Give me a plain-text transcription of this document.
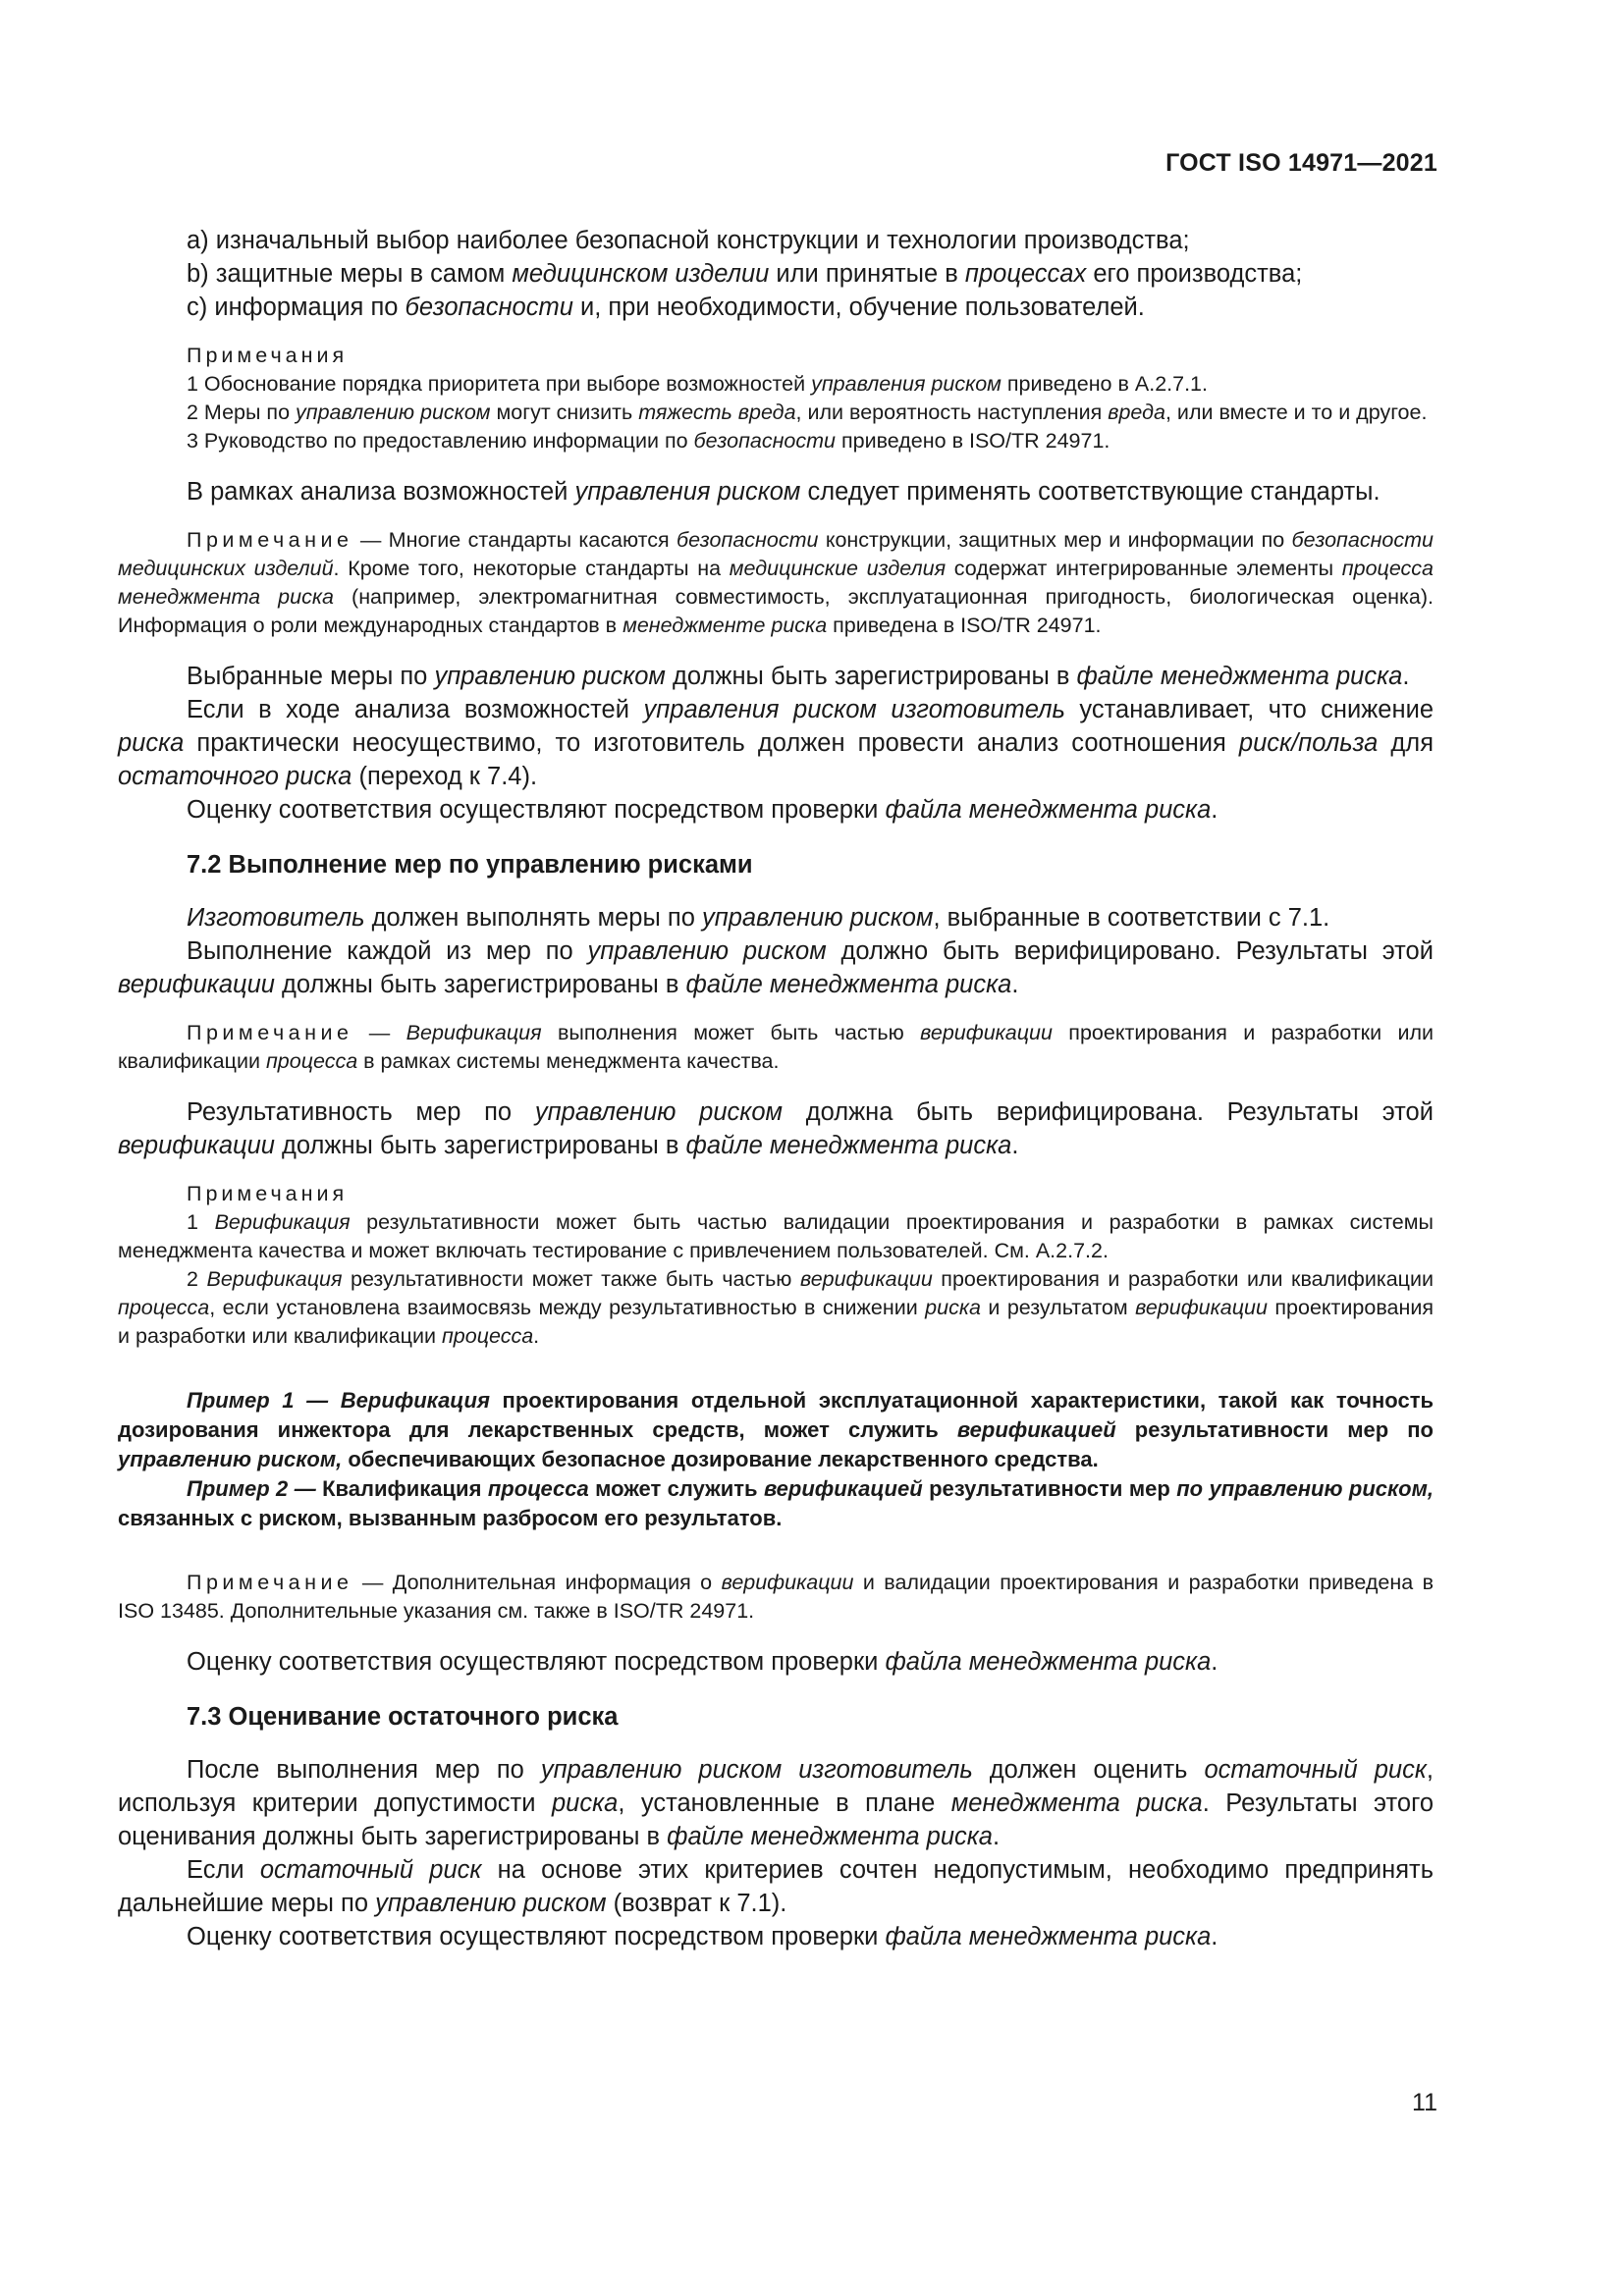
ГОСТ ISO 14971—2021

a) изначальный выбор наиболее безопасной конструкции и технологии производства;

b) защитные меры в самом медицинском изделии или принятые в процессах его производства;

c) информация по безопасности и, при необходимости, обучение пользователей.

Примечания

1 Обоснование порядка приоритета при выборе возможностей управления риском приведено в A.2.7.1.

2 Меры по управлению риском могут снизить тяжесть вреда, или вероятность наступления вреда, или вместе и то и другое.

3 Руководство по предоставлению информации по безопасности приведено в ISO/TR 24971.

В рамках анализа возможностей управления риском следует применять соответствующие стандарты.

Примечание — Многие стандарты касаются безопасности конструкции, защитных мер и информации по безопасности медицинских изделий. Кроме того, некоторые стандарты на медицинские изделия содержат интегрированные элементы процесса менеджмента риска (например, электромагнитная совместимость, эксплуатационная пригодность, биологическая оценка). Информация о роли международных стандартов в менеджменте риска приведена в ISO/TR 24971.

Выбранные меры по управлению риском должны быть зарегистрированы в файле менеджмента риска.

Если в ходе анализа возможностей управления риском изготовитель устанавливает, что снижение риска практически неосуществимо, то изготовитель должен провести анализ соотношения риск/польза для остаточного риска (переход к 7.4).

Оценку соответствия осуществляют посредством проверки файла менеджмента риска.

7.2 Выполнение мер по управлению рисками

Изготовитель должен выполнять меры по управлению риском, выбранные в соответствии с 7.1.

Выполнение каждой из мер по управлению риском должно быть верифицировано. Результаты этой верификации должны быть зарегистрированы в файле менеджмента риска.

Примечание — Верификация выполнения может быть частью верификации проектирования и разработки или квалификации процесса в рамках системы менеджмента качества.

Результативность мер по управлению риском должна быть верифицирована. Результаты этой верификации должны быть зарегистрированы в файле менеджмента риска.

Примечания

1 Верификация результативности может быть частью валидации проектирования и разработки в рамках системы менеджмента качества и может включать тестирование с привлечением пользователей. См. A.2.7.2.

2 Верификация результативности может также быть частью верификации проектирования и разработки или квалификации процесса, если установлена взаимосвязь между результативностью в снижении риска и результатом верификации проектирования и разработки или квалификации процесса.

Пример 1 — Верификация проектирования отдельной эксплуатационной характеристики, такой как точность дозирования инжектора для лекарственных средств, может служить верификацией результативности мер по управлению риском, обеспечивающих безопасное дозирование лекарственного средства.

Пример 2 — Квалификация процесса может служить верификацией результативности мер по управлению риском, связанных с риском, вызванным разбросом его результатов.

Примечание — Дополнительная информация о верификации и валидации проектирования и разработки приведена в ISO 13485. Дополнительные указания см. также в ISO/TR 24971.

Оценку соответствия осуществляют посредством проверки файла менеджмента риска.

7.3 Оценивание остаточного риска

После выполнения мер по управлению риском изготовитель должен оценить остаточный риск, используя критерии допустимости риска, установленные в плане менеджмента риска. Результаты этого оценивания должны быть зарегистрированы в файле менеджмента риска.

Если остаточный риск на основе этих критериев сочтен недопустимым, необходимо предпринять дальнейшие меры по управлению риском (возврат к 7.1).

Оценку соответствия осуществляют посредством проверки файла менеджмента риска.

11
